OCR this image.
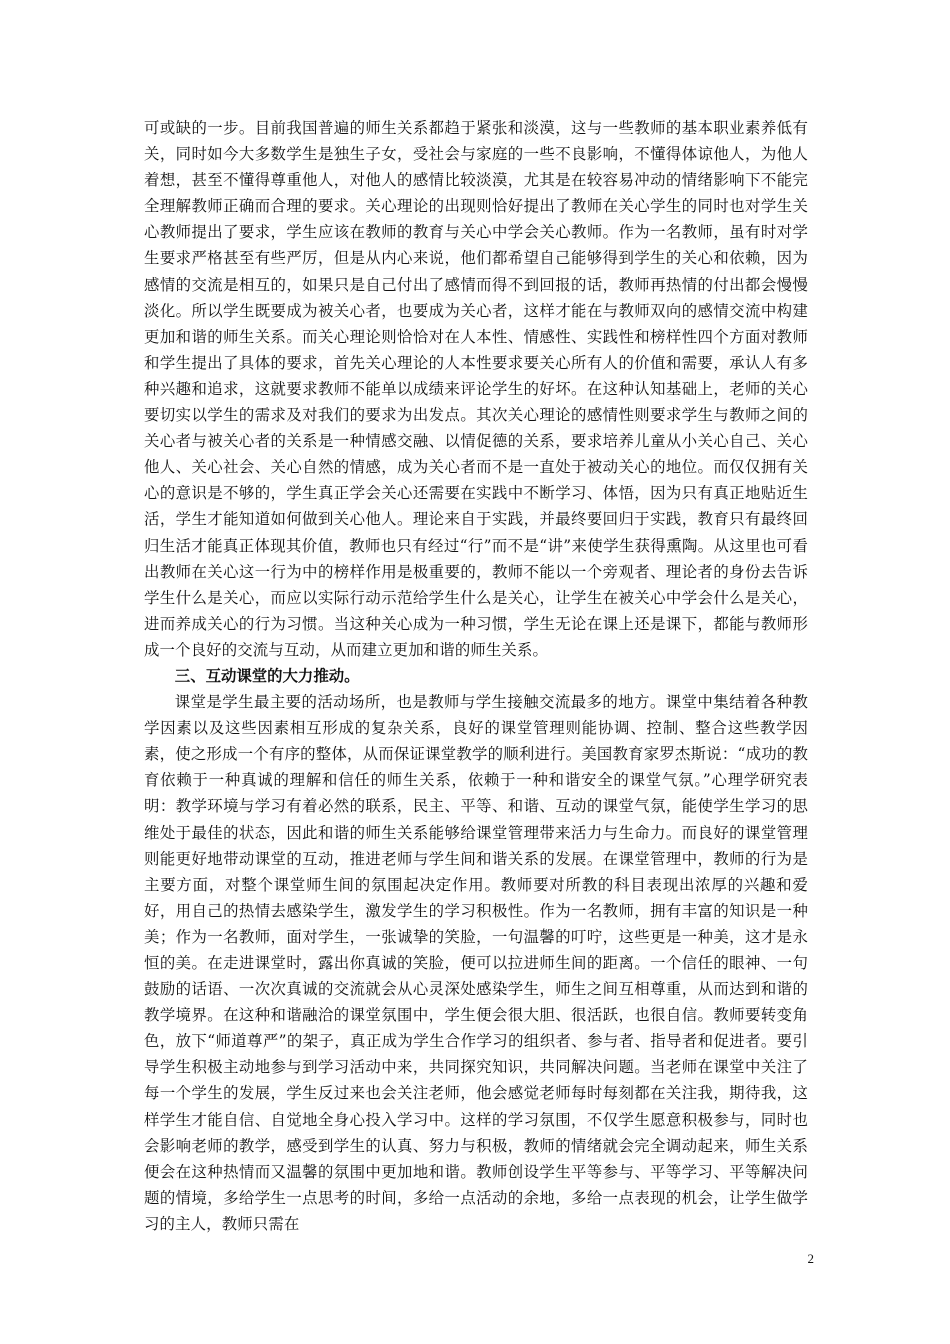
可或缺的一步。目前我国普遍的师生关系都趋于紧张和淡漠，这与一些教师的基本职业素养低有关，同时如今大多数学生是独生子女，受社会与家庭的一些不良影响，不懂得体谅他人，为他人着想，甚至不懂得尊重他人，对他人的感情比较淡漠，尤其是在较容易冲动的情绪影响下不能完全理解教师正确而合理的要求。关心理论的出现则恰好提出了教师在关心学生的同时也对学生关心教师提出了要求，学生应该在教师的教育与关心中学会关心教师。作为一名教师，虽有时对学生要求严格甚至有些严厉，但是从内心来说，他们都希望自己能够得到学生的关心和依赖，因为感情的交流是相互的，如果只是自己付出了感情而得不到回报的话，教师再热情的付出都会慢慢淡化。所以学生既要成为被关心者，也要成为关心者，这样才能在与教师双向的感情交流中构建更加和谐的师生关系。而关心理论则恰恰对在人本性、情感性、实践性和榜样性四个方面对教师和学生提出了具体的要求，首先关心理论的人本性要求要关心所有人的价值和需要，承认人有多种兴趣和追求，这就要求教师不能单以成绩来评论学生的好坏。在这种认知基础上，老师的关心要切实以学生的需求及对我们的要求为出发点。其次关心理论的感情性则要求学生与教师之间的关心者与被关心者的关系是一种情感交融、以情促德的关系，要求培养儿童从小关心自己、关心他人、关心社会、关心自然的情感，成为关心者而不是一直处于被动关心的地位。而仅仅拥有关心的意识是不够的，学生真正学会关心还需要在实践中不断学习、体悟，因为只有真正地贴近生活，学生才能知道如何做到关心他人。理论来自于实践，并最终要回归于实践，教育只有最终回归生活才能真正体现其价值，教师也只有经过“行”而不是“讲”来使学生获得熏陶。从这里也可看出教师在关心这一行为中的榜样作用是极重要的，教师不能以一个旁观者、理论者的身份去告诉学生什么是关心，而应以实际行动示范给学生什么是关心，让学生在被关心中学会什么是关心，进而养成关心的行为习惯。当这种关心成为一种习惯，学生无论在课上还是课下，都能与教师形成一个良好的交流与互动，从而建立更加和谐的师生关系。

三、互动课堂的大力推动。

课堂是学生最主要的活动场所，也是教师与学生接触交流最多的地方。课堂中集结着各种教学因素以及这些因素相互形成的复杂关系，良好的课堂管理则能协调、控制、整合这些教学因素，使之形成一个有序的整体，从而保证课堂教学的顺利进行。美国教育家罗杰斯说：“成功的教育依赖于一种真诚的理解和信任的师生关系，依赖于一种和谐安全的课堂气氛。”心理学研究表明：教学环境与学习有着必然的联系，民主、平等、和谐、互动的课堂气氛，能使学生学习的思维处于最佳的状态，因此和谐的师生关系能够给课堂管理带来活力与生命力。而良好的课堂管理则能更好地带动课堂的互动，推进老师与学生间和谐关系的发展。在课堂管理中，教师的行为是主要方面，对整个课堂师生间的氛围起决定作用。教师要对所教的科目表现出浓厚的兴趣和爱好，用自己的热情去感染学生，激发学生的学习积极性。作为一名教师，拥有丰富的知识是一种美；作为一名教师，面对学生，一张诚挚的笑脸，一句温馨的叮咛，这些更是一种美，这才是永恒的美。在走进课堂时，露出你真诚的笑脸，便可以拉进师生间的距离。一个信任的眼神、一句鼓励的话语、一次次真诚的交流就会从心灵深处感染学生，师生之间互相尊重，从而达到和谐的教学境界。在这种和谐融洽的课堂氛围中，学生便会很大胆、很活跃，也很自信。教师要转变角色，放下“师道尊严”的架子，真正成为学生合作学习的组织者、参与者、指导者和促进者。要引导学生积极主动地参与到学习活动中来，共同探究知识，共同解决问题。当老师在课堂中关注了每一个学生的发展，学生反过来也会关注老师，他会感觉老师每时每刻都在关注我，期待我，这样学生才能自信、自觉地全身心投入学习中。这样的学习氛围，不仅学生愿意积极参与，同时也会影响老师的教学，感受到学生的认真、努力与积极，教师的情绪就会完全调动起来，师生关系便会在这种热情而又温馨的氛围中更加地和谐。教师创设学生平等参与、平等学习、平等解决问题的情境，多给学生一点思考的时间，多给一点活动的余地，多给一点表现的机会，让学生做学习的主人，教师只需在

2
